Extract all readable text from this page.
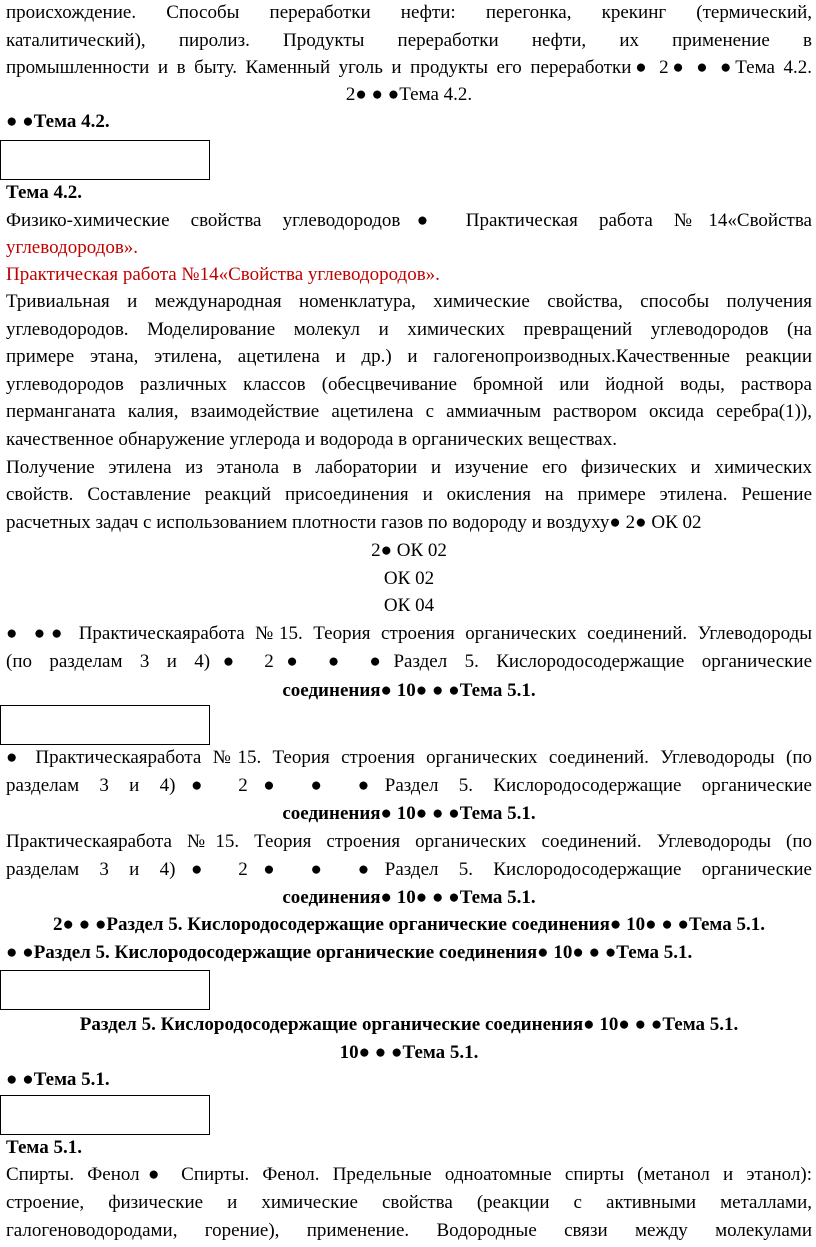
происхождение. Способы переработки нефти: перегонка, крекинг (термический,
каталитический), пиролиз. Продукты переработки нефти, их применение в
промышленности и в быту. Каменный уголь и продукты его переработки● 2● ● ●Тема 4.2.
2● ● ●Тема 4.2.
● ●Тема 4.2.
Тема 4.2.
Физико-химические свойства углеводородов● Практическая работа №14«Свойства
углеводородов».
Практическая работа №14«Свойства углеводородов».
Тривиальная и международная номенклатура, химические свойства, способы получения
углеводородов. Моделирование молекул и химических превращений углеводородов (на
примере этана, этилена, ацетилена и др.) и галогенопроизводных.Качественные реакции
углеводородов различных классов (обесцвечивание бромной или йодной воды, раствора
перманганата калия, взаимодействие ацетилена с аммиачным раствором оксида серебра(1)),
качественное обнаружение углерода и водорода в органических веществах.
Получение этилена из этанола в лаборатории и изучение его физических и химических
свойств. Составление реакций присоединения и окисления на примере этилена. Решение
расчетных задач с использованием плотности газов по водороду и воздуху● 2● ОК 02
2● ОК 02
ОК 02
ОК 04
● ●● Практическаяработа №15. Теория строения органических соединений. Углеводороды
(по разделам 3 и 4)● 2● ● ●Раздел 5. Кислородосодержащие органические
соединения● 10● ● ●Тема 5.1.
● Практическаяработа №15. Теория строения органических соединений. Углеводороды (по
разделам 3 и 4)● 2● ● ●Раздел 5. Кислородосодержащие органические
соединения● 10● ● ●Тема 5.1.
Практическаяработа №15. Теория строения органических соединений. Углеводороды (по
разделам 3 и 4)● 2● ● ●Раздел 5. Кислородосодержащие органические
соединения● 10● ● ●Тема 5.1.
2● ● ●Раздел 5. Кислородосодержащие органические соединения● 10● ● ●Тема 5.1.
● ●Раздел 5. Кислородосодержащие органические соединения● 10● ● ●Тема 5.1.
Раздел 5. Кислородосодержащие органические соединения● 10● ● ●Тема 5.1.
10● ● ●Тема 5.1.
● ●Тема 5.1.
Тема 5.1.
Спирты. Фенол● Спирты. Фенол. Предельные одноатомные спирты (метанол и этанол):
строение, физические и химические свойства (реакции с активными металлами,
галогеноводородами, горение), применение. Водородные связи между молекулами
